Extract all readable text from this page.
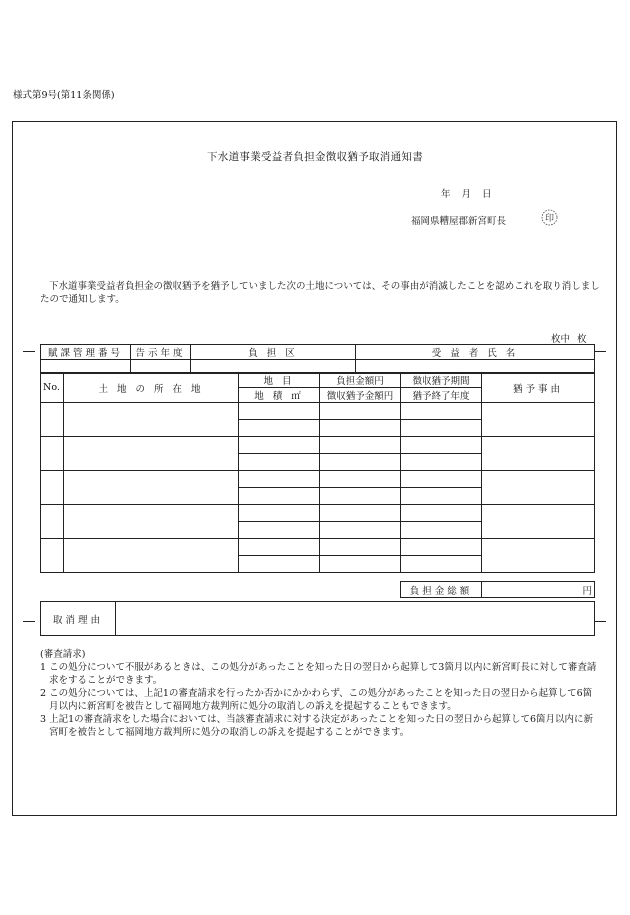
様式第9号(第11条関係)
下水道事業受益者負担金徴収猶予取消通知書
年 月 日
福岡県糟屋郡新宮町長	印
下水道事業受益者負担金の徴収猶予を猶予していました次の土地については、その事由が消滅したことを認めこれを取り消しましたので通知します。
枚中 枚
賦課管理番号	告示年度	負 担 区	受 益 者 氏 名

No.	土 地 の 所 在 地	地 目	負担金額円	徴収猶予期間	猶予事由
		地 積 ㎡	徴収猶予金額円	猶予終了年度	

負担金総額	円
取消理由	
(審査請求)
1 この処分について不服があるときは、この処分があったことを知った日の翌日から起算して3箇月以内に新宮町長に対して審査請求をすることができます。
2 この処分については、上記1の審査請求を行ったか否かにかかわらず、この処分があったことを知った日の翌日から起算して6箇月以内に新宮町を被告として福岡地方裁判所に処分の取消しの訴えを提起することもできます。
3 上記1の審査請求をした場合においては、当該審査請求に対する決定があったことを知った日の翌日から起算して6箇月以内に新宮町を被告として福岡地方裁判所に処分の取消しの訴えを提起することができます。
